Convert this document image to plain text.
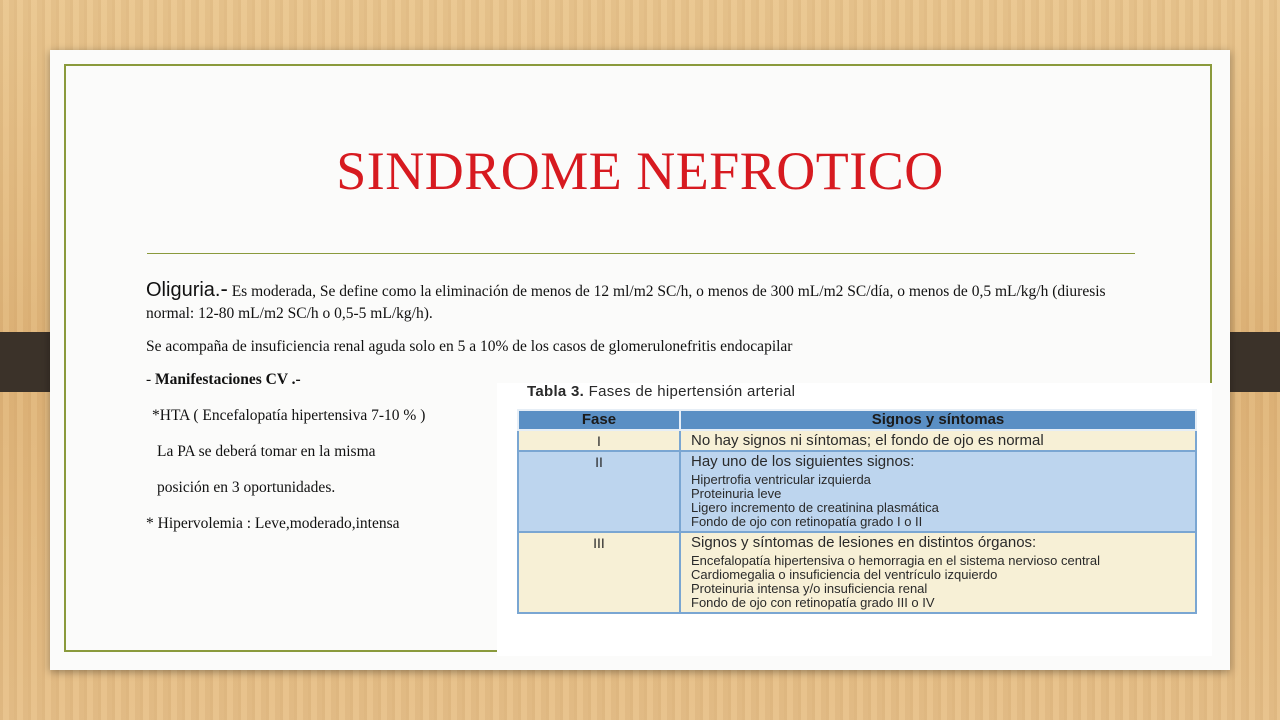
SINDROME NEFROTICO

Oliguria.- Es moderada, Se define como la eliminación de menos de 12 ml/m2 SC/h, o menos de 300 mL/m2 SC/día, o menos de 0,5 mL/kg/h (diuresis normal: 12-80 mL/m2 SC/h o 0,5-5 mL/kg/h).

Se acompaña de insuficiencia renal aguda solo en 5 a 10% de los casos de glomerulonefritis endocapilar

- Manifestaciones CV .-
*HTA ( Encefalopatía hipertensiva 7-10 % )
La PA se deberá tomar en la misma
posición en 3 oportunidades.
* Hipervolemia : Leve,moderado,intensa
Tabla 3. Fases de hipertensión arterial
Fase	Signos y síntomas
I	No hay signos ni síntomas; el fondo de ojo es normal

II	Hay uno de los siguientes signos:
Hipertrofia ventricular izquierda
Proteinuria leve
Ligero incremento de creatinina plasmática
Fondo de ojo con retinopatía grado I o II

III	Signos y síntomas de lesiones en distintos órganos:
Encefalopatía hipertensiva o hemorragia en el sistema nervioso central
Cardiomegalia o insuficiencia del ventrículo izquierdo
Proteinuria intensa y/o insuficiencia renal
Fondo de ojo con retinopatía grado III o IV
